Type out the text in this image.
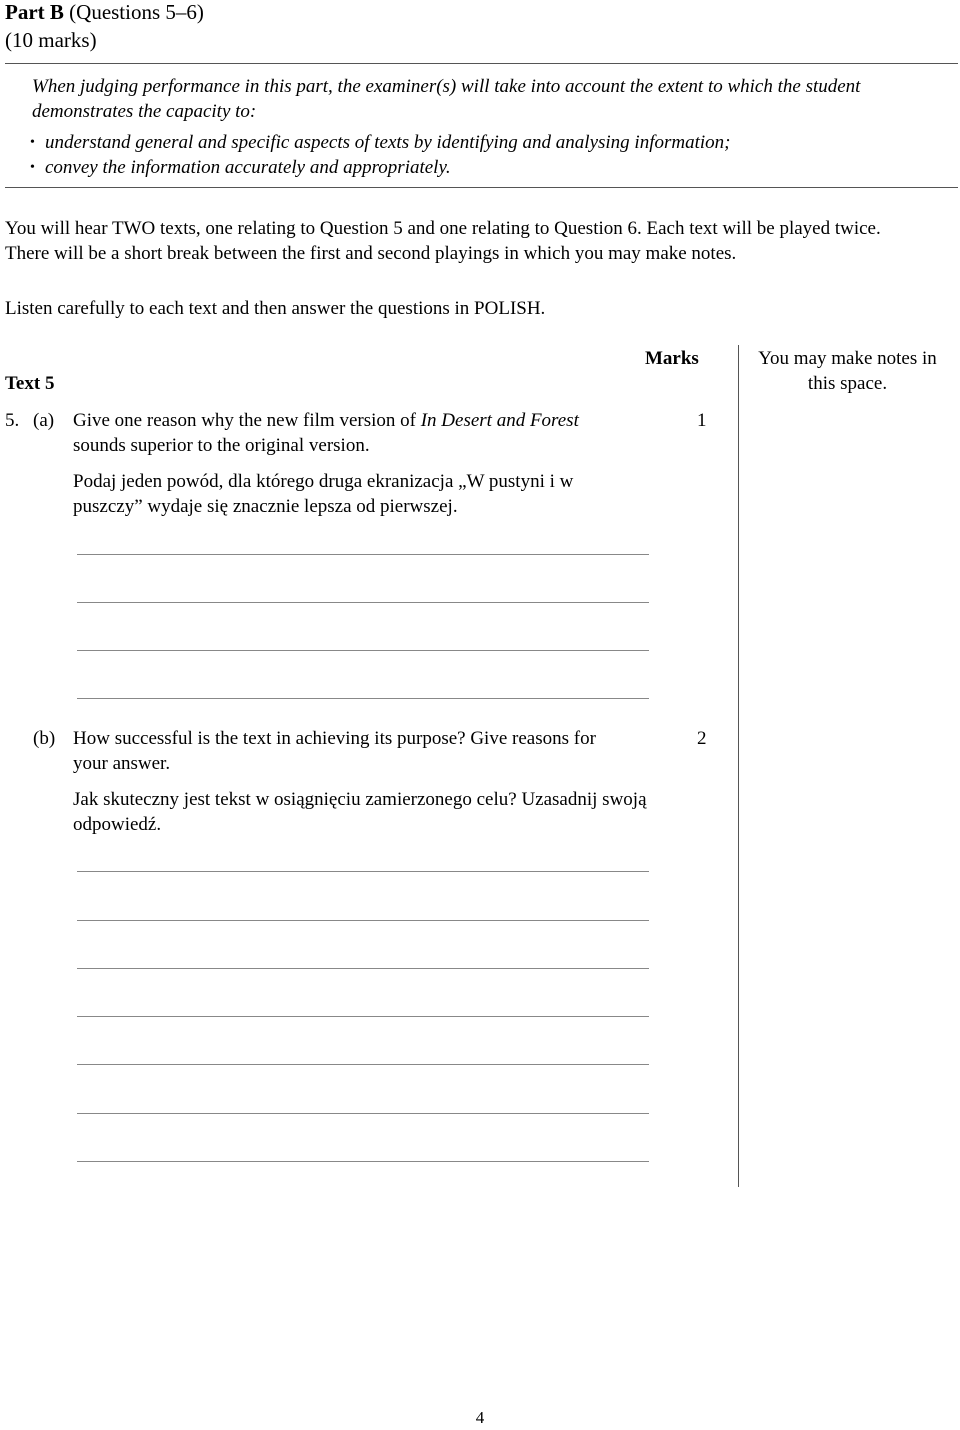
Part B (Questions 5–6)
(10 marks)
When judging performance in this part, the examiner(s) will take into account the extent to which the student demonstrates the capacity to:
• understand general and specific aspects of texts by identifying and analysing information;
• convey the information accurately and appropriately.
You will hear TWO texts, one relating to Question 5 and one relating to Question 6. Each text will be played twice. There will be a short break between the first and second playings in which you may make notes.
Listen carefully to each text and then answer the questions in POLISH.
Marks	You may make notes in this space.
Text 5
5. (a) Give one reason why the new film version of In Desert and Forest sounds superior to the original version.
Podaj jeden powód, dla którego druga ekranizacja „W pustyni i w puszczy” wydaje się znacznie lepsza od pierwszej.
1
(b) How successful is the text in achieving its purpose? Give reasons for your answer.
Jak skuteczny jest tekst w osiągnięciu zamierzonego celu? Uzasadnij swoją odpowiedź.
2
4
